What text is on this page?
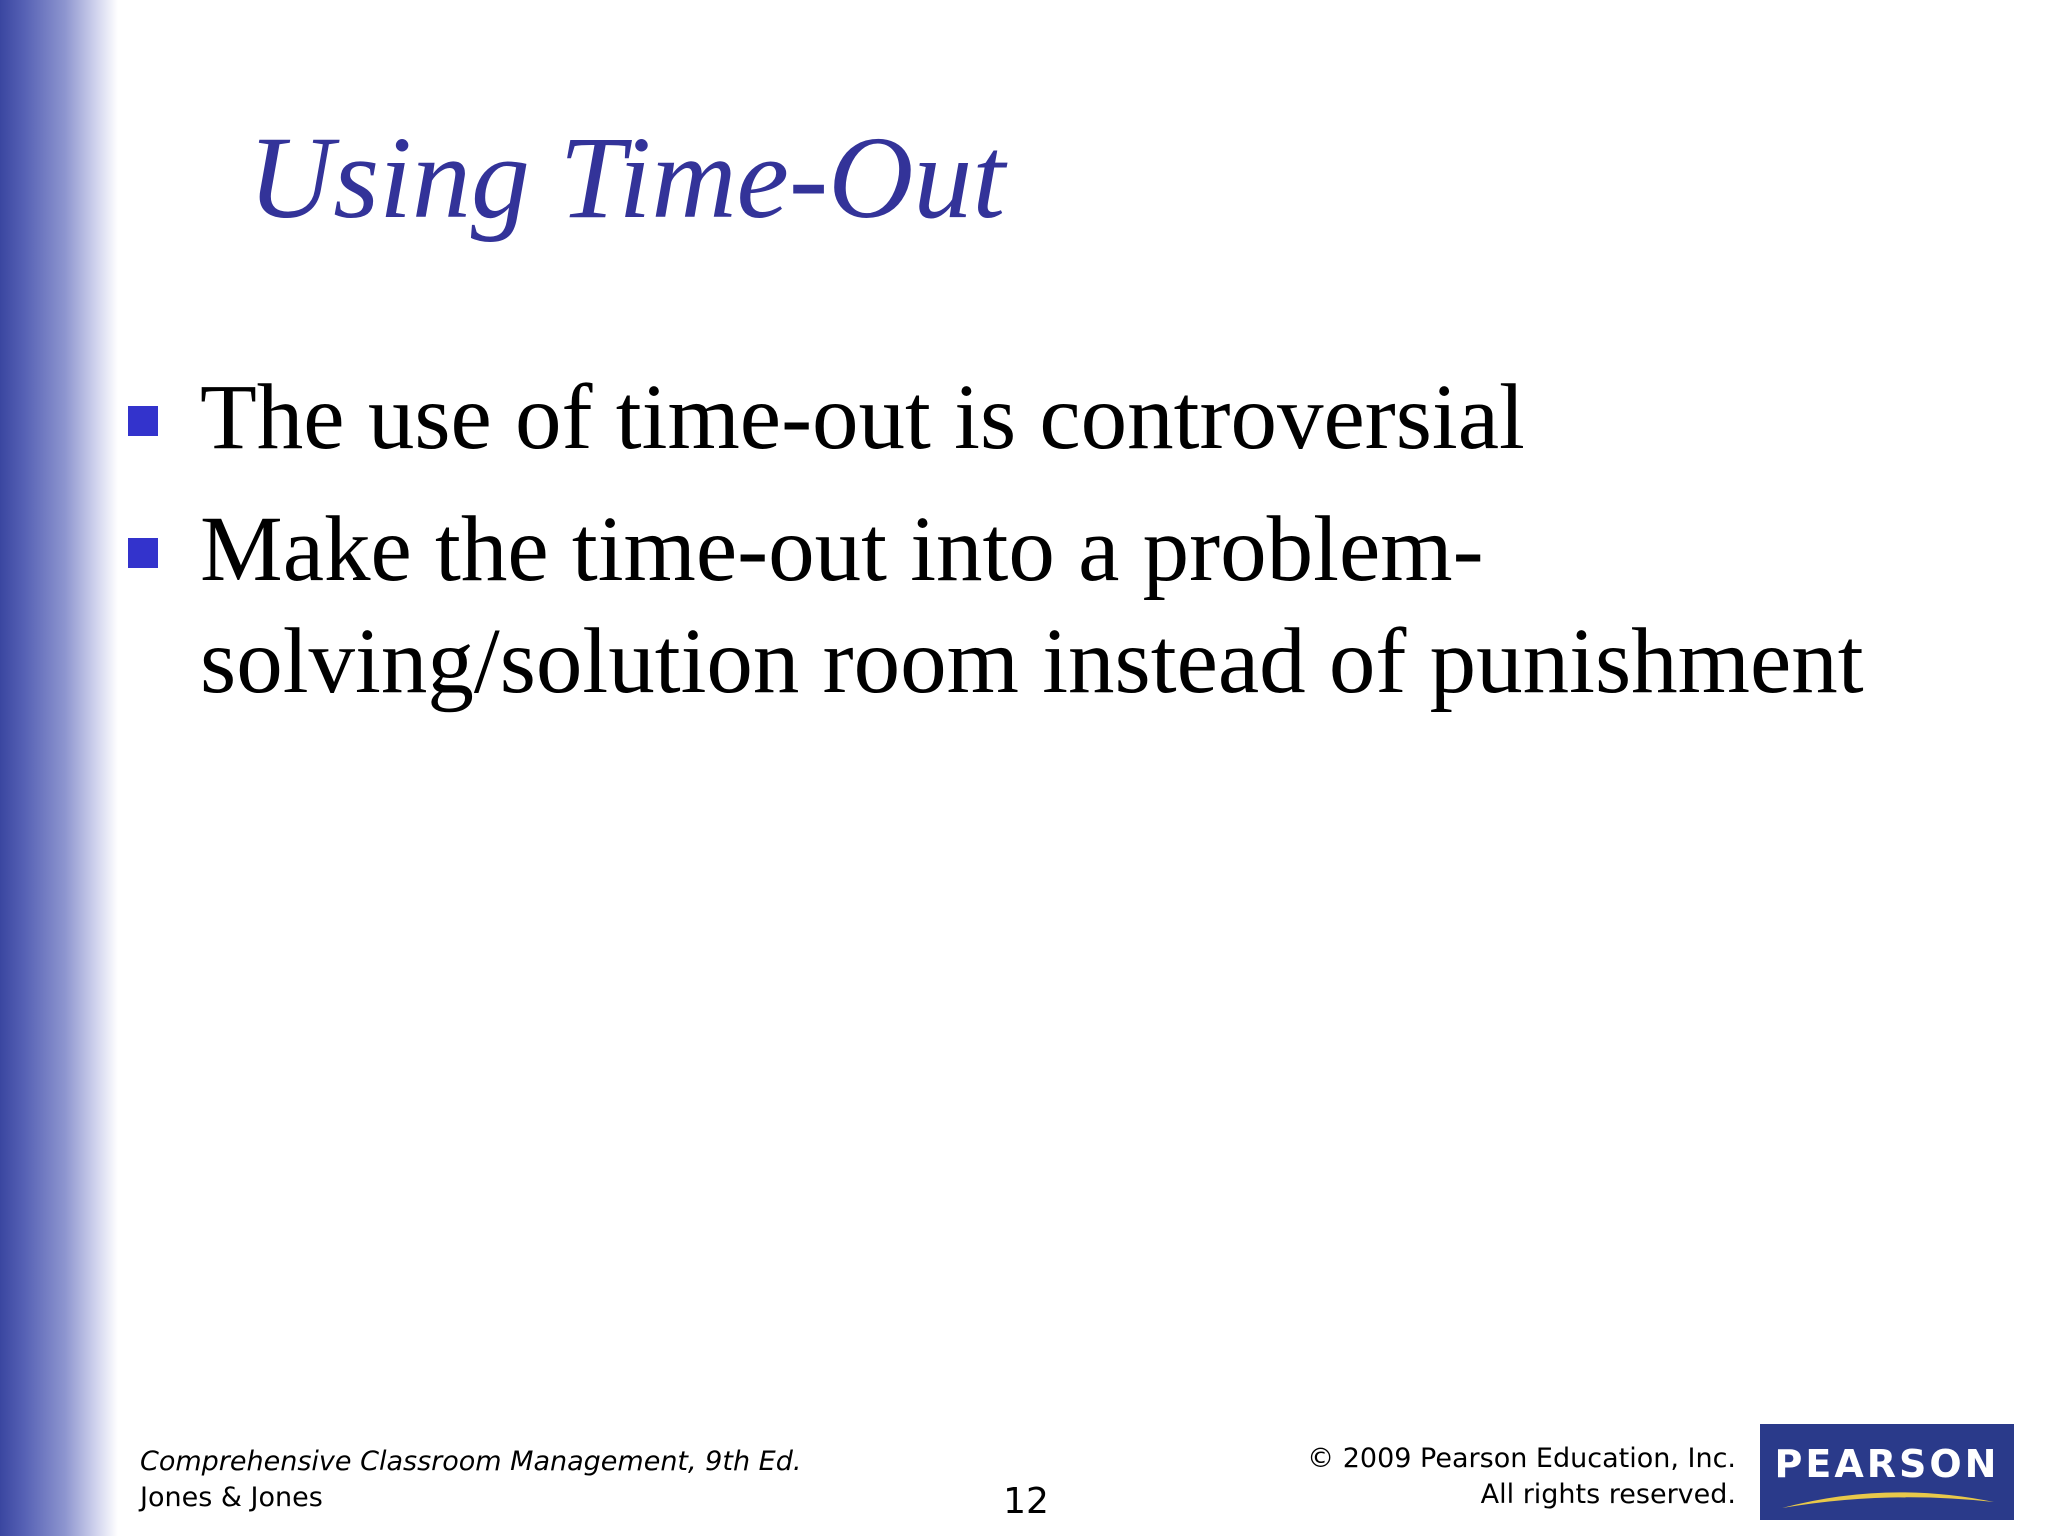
Using Time-Out
The use of time-out is controversial
Make the time-out into a problem-solving/solution room instead of punishment
Comprehensive Classroom Management, 9th Ed.
Jones & Jones	12
© 2009 Pearson Education, Inc.
All rights reserved.
PEARSON
